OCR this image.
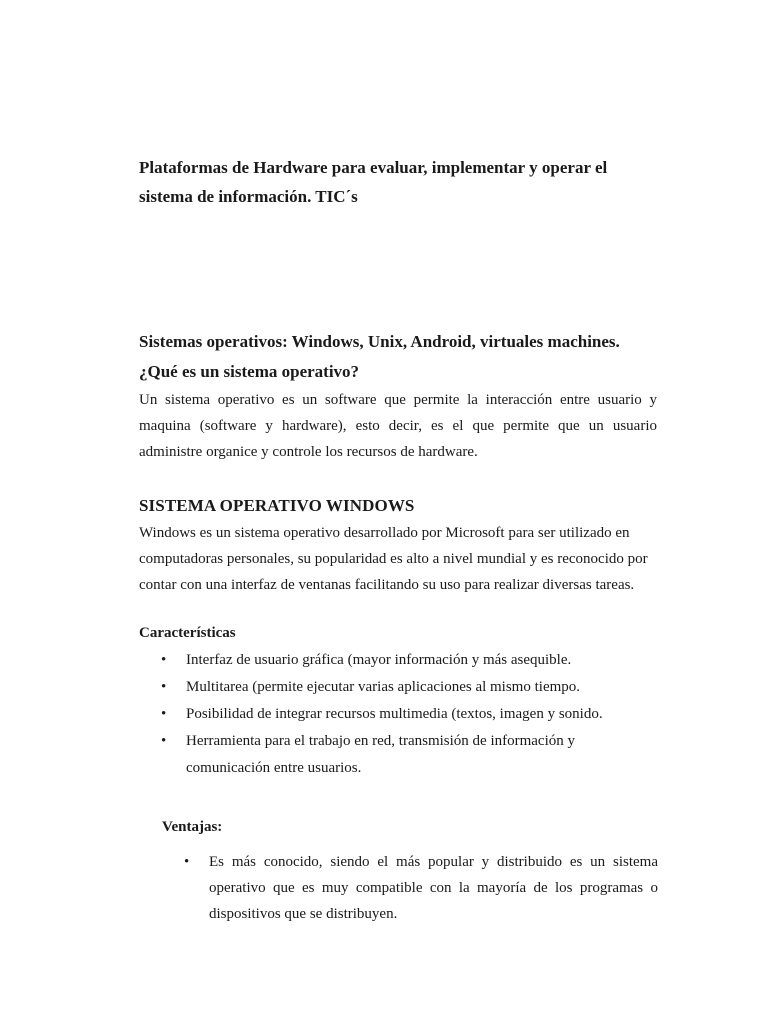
Plataformas de Hardware para evaluar, implementar y operar el sistema de información. TIC´s

Sistemas operativos: Windows, Unix, Android, virtuales machines.

¿Qué es un sistema operativo?

Un sistema operativo es un software que permite la interacción entre usuario y maquina (software y hardware), esto decir, es el que permite que un usuario administre organice y controle los recursos de hardware.

SISTEMA OPERATIVO WINDOWS

Windows es un sistema operativo desarrollado por Microsoft para ser utilizado en computadoras personales, su popularidad es alto a nivel mundial y es reconocido por contar con una interfaz de ventanas facilitando su uso para realizar diversas tareas.

Características

• Interfaz de usuario gráfica (mayor información y más asequible.
• Multitarea (permite ejecutar varias aplicaciones al mismo tiempo.
• Posibilidad de integrar recursos multimedia (textos, imagen y sonido.
• Herramienta para el trabajo en red, transmisión de información y comunicación entre usuarios.

Ventajas:

• Es más conocido, siendo el más popular y distribuido es un sistema operativo que es muy compatible con la mayoría de los programas o dispositivos que se distribuyen.
